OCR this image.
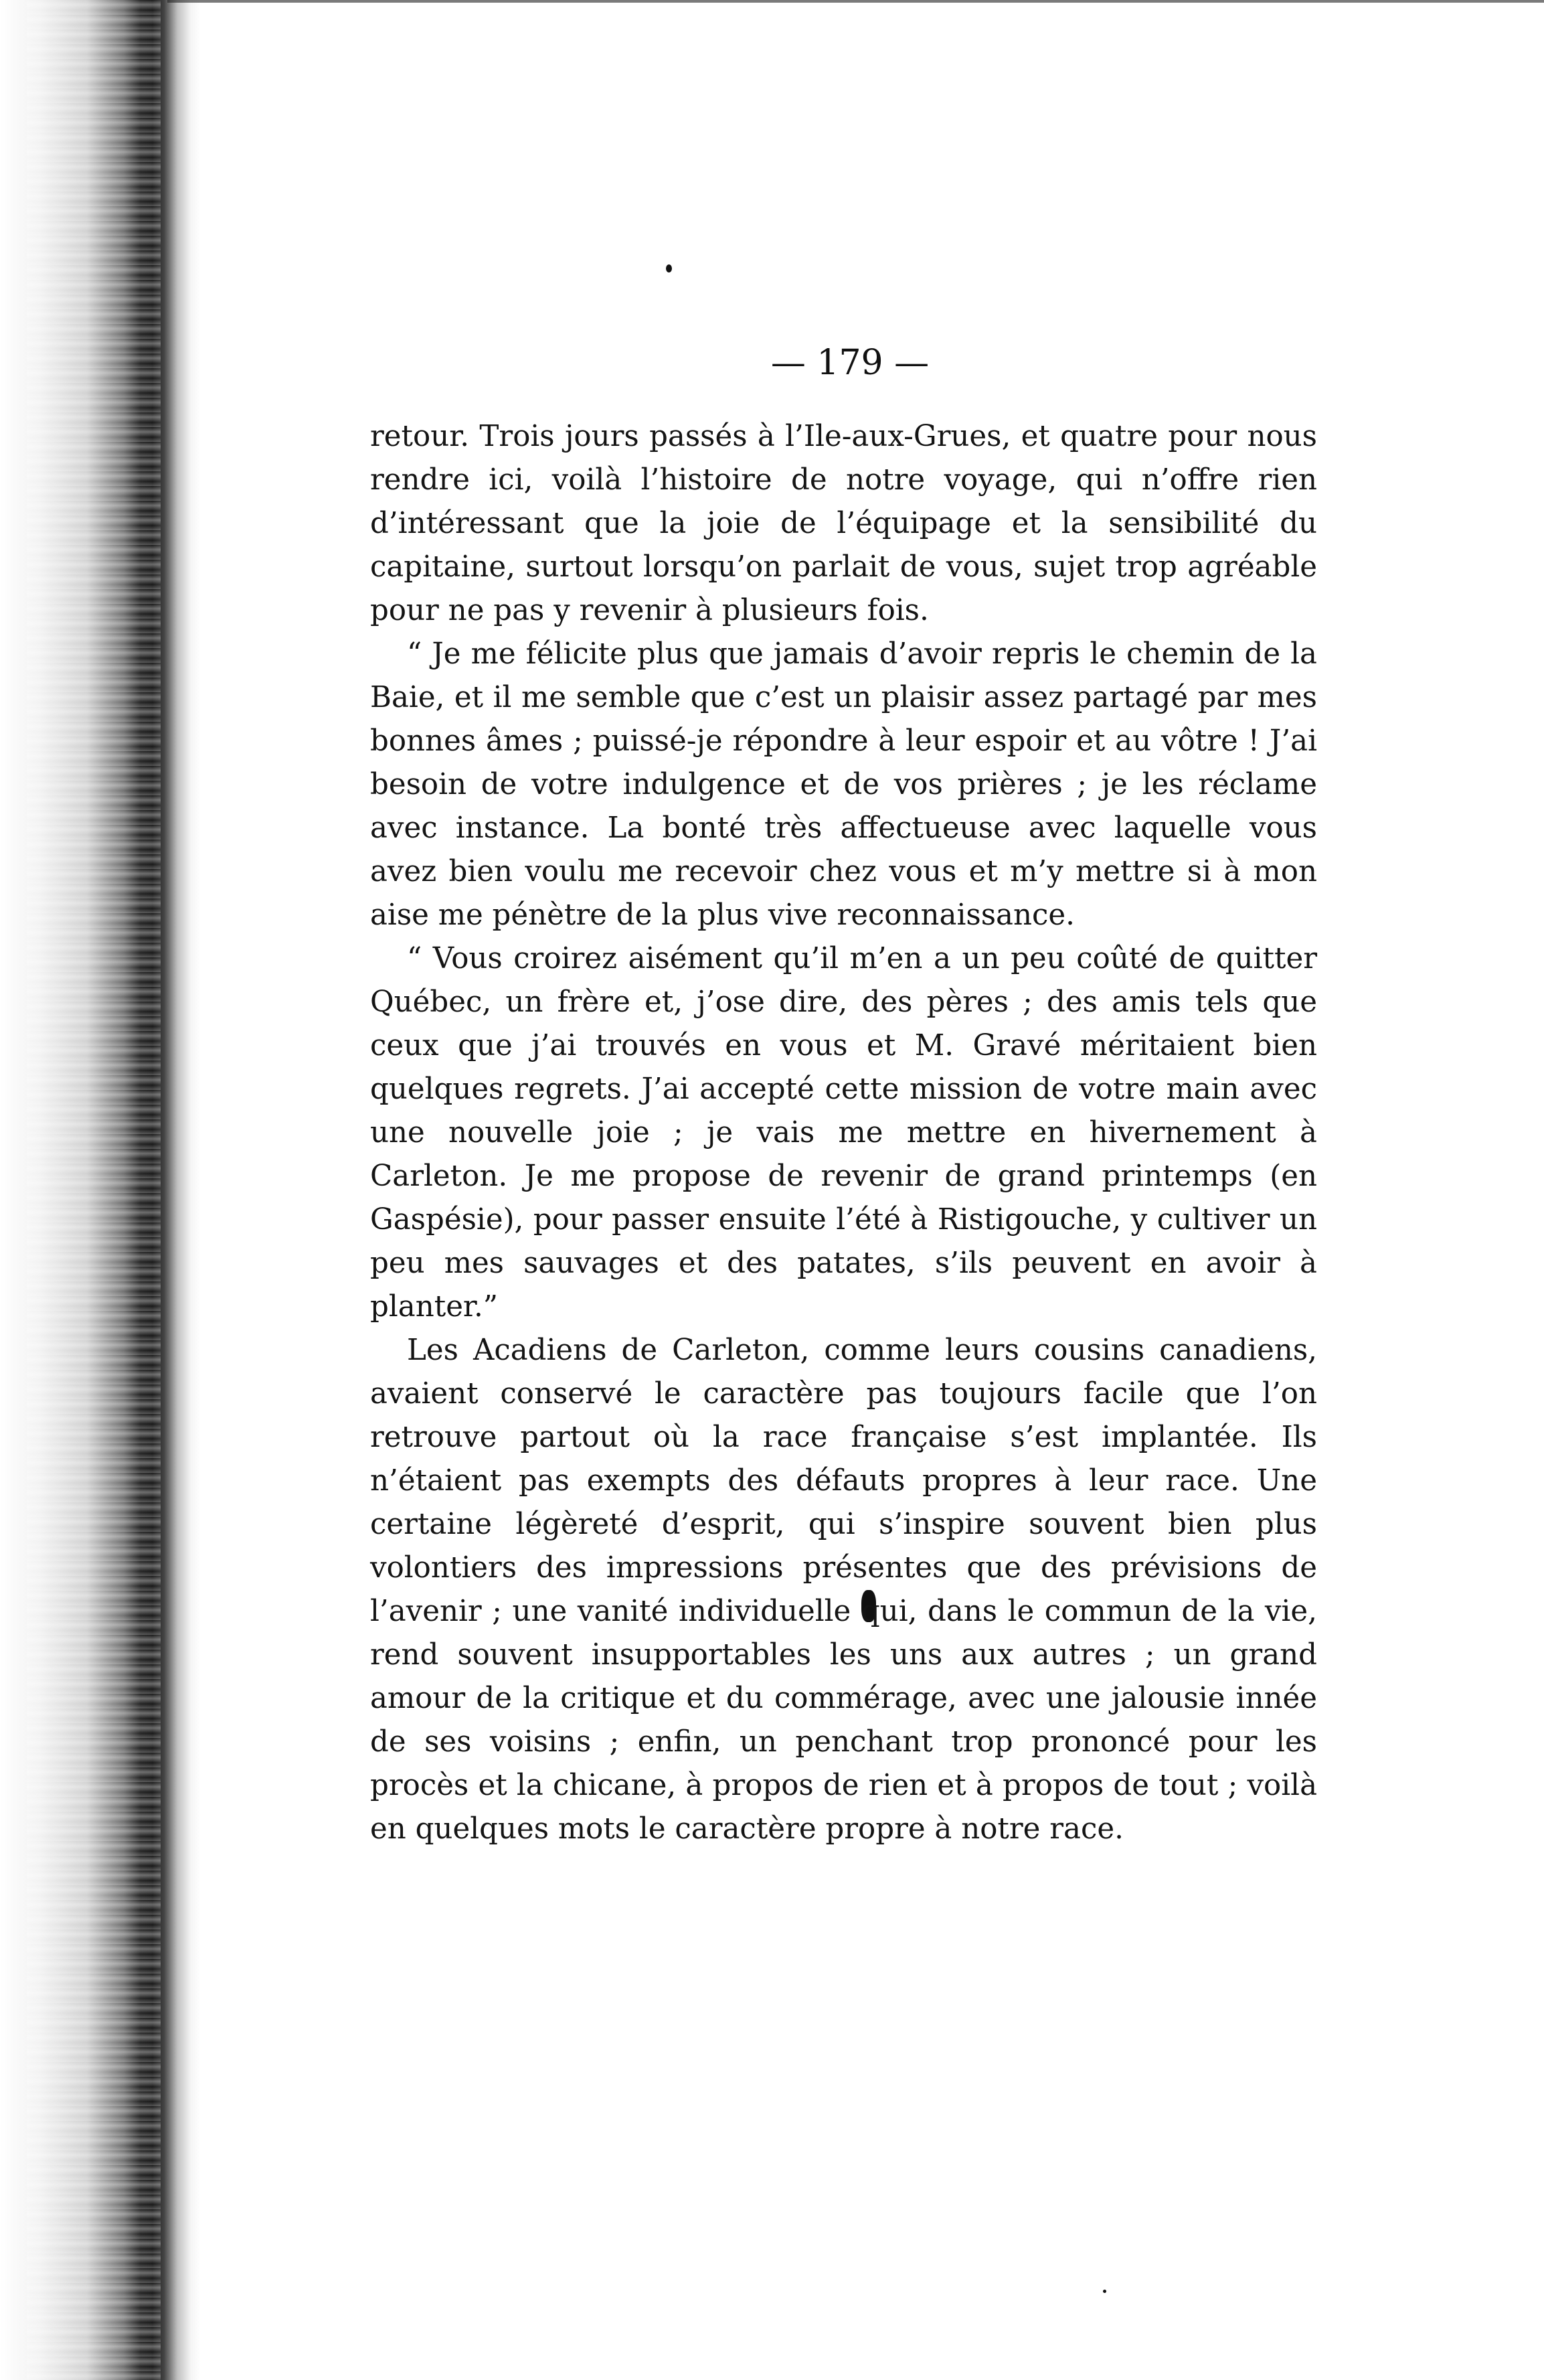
— 179 —

retour. Trois jours passés à l’Ile-aux-Grues, et quatre pour nous rendre ici, voilà l’histoire de notre voyage, qui n’offre rien d’intéressant que la joie de l’équipage et la sensibilité du capitaine, surtout lorsqu’on parlait de vous, sujet trop agréable pour ne pas y revenir à plusieurs fois.

“ Je me félicite plus que jamais d’avoir repris le chemin de la Baie, et il me semble que c’est un plaisir assez partagé par mes bonnes âmes ; puissé-je répondre à leur espoir et au vôtre ! J’ai besoin de votre indulgence et de vos prières ; je les réclame avec instance. La bonté très affectueuse avec laquelle vous avez bien voulu me recevoir chez vous et m’y mettre si à mon aise me pénètre de la plus vive reconnaissance.

“ Vous croirez aisément qu’il m’en a un peu coûté de quitter Québec, un frère et, j’ose dire, des pères ; des amis tels que ceux que j’ai trouvés en vous et M. Gravé méritaient bien quelques regrets. J’ai accepté cette mission de votre main avec une nouvelle joie ; je vais me mettre en hivernement à Carleton. Je me propose de revenir de grand printemps (en Gaspésie), pour passer ensuite l’été à Ristigouche, y cultiver un peu mes sauvages et des patates, s’ils peuvent en avoir à planter.”

Les Acadiens de Carleton, comme leurs cousins canadiens, avaient conservé le caractère pas toujours facile que l’on retrouve partout où la race française s’est implantée. Ils n’étaient pas exempts des défauts propres à leur race. Une certaine légèreté d’esprit, qui s’inspire souvent bien plus volontiers des impressions présentes que des prévisions de l’avenir ; une vanité individuelle qui, dans le commun de la vie, rend souvent insupportables les uns aux autres ; un grand amour de la critique et du commérage, avec une jalousie innée de ses voisins ; enfin, un penchant trop prononcé pour les procès et la chicane, à propos de rien et à propos de tout ; voilà en quelques mots le caractère propre à notre race.
